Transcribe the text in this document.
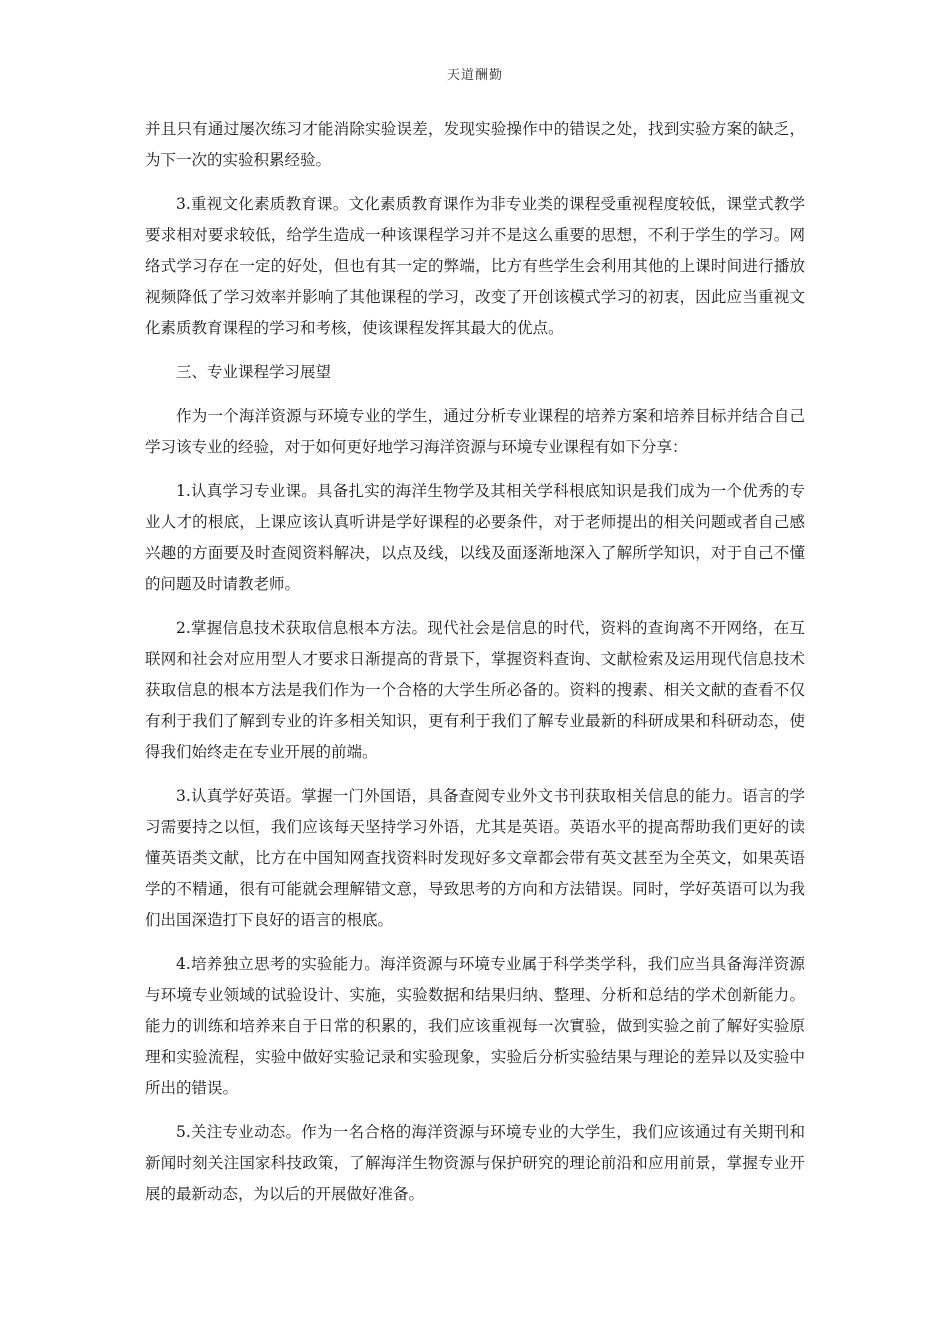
天道酬勤

并且只有通过屡次练习才能消除实验误差，发现实验操作中的错误之处，找到实验方案的缺乏，为下一次的实验积累经验。

3.重视文化素质教育课。文化素质教育课作为非专业类的课程受重视程度较低，课堂式教学要求相对要求较低，给学生造成一种该课程学习并不是这么重要的思想，不利于学生的学习。网络式学习存在一定的好处，但也有其一定的弊端，比方有些学生会利用其他的上课时间进行播放视频降低了学习效率并影响了其他课程的学习，改变了开创该模式学习的初衷，因此应当重视文化素质教育课程的学习和考核，使该课程发挥其最大的优点。

三、专业课程学习展望

作为一个海洋资源与环境专业的学生，通过分析专业课程的培养方案和培养目标并结合自己学习该专业的经验，对于如何更好地学习海洋资源与环境专业课程有如下分享：

1.认真学习专业课。具备扎实的海洋生物学及其相关学科根底知识是我们成为一个优秀的专业人才的根底，上课应该认真听讲是学好课程的必要条件，对于老师提出的相关问题或者自己感兴趣的方面要及时查阅资料解决，以点及线，以线及面逐渐地深入了解所学知识，对于自己不懂的问题及时请教老师。

2.掌握信息技术获取信息根本方法。现代社会是信息的时代，资料的查询离不开网络，在互联网和社会对应用型人才要求日渐提高的背景下，掌握资料查询、文献检索及运用现代信息技术获取信息的根本方法是我们作为一个合格的大学生所必备的。资料的搜素、相关文献的查看不仅有利于我们了解到专业的许多相关知识，更有利于我们了解专业最新的科研成果和科研动态，使得我们始终走在专业开展的前端。

3.认真学好英语。掌握一门外国语，具备查阅专业外文书刊获取相关信息的能力。语言的学习需要持之以恒，我们应该每天坚持学习外语，尤其是英语。英语水平的提高帮助我们更好的读懂英语类文献，比方在中国知网查找资料时发现好多文章都会带有英文甚至为全英文，如果英语学的不精通，很有可能就会理解错文意，导致思考的方向和方法错误。同时，学好英语可以为我们出国深造打下良好的语言的根底。

4.培养独立思考的实验能力。海洋资源与环境专业属于科学类学科，我们应当具备海洋资源与环境专业领域的试验设计、实施，实验数据和结果归纳、整理、分析和总结的学术创新能力。能力的训练和培养来自于日常的积累的，我们应该重视每一次實验，做到实验之前了解好实验原理和实验流程，实验中做好实验记录和实验现象，实验后分析实验结果与理论的差异以及实验中所出的错误。

5.关注专业动态。作为一名合格的海洋资源与环境专业的大学生，我们应该通过有关期刊和新闻时刻关注国家科技政策，了解海洋生物资源与保护研究的理论前沿和应用前景，掌握专业开展的最新动态，为以后的开展做好准备。
